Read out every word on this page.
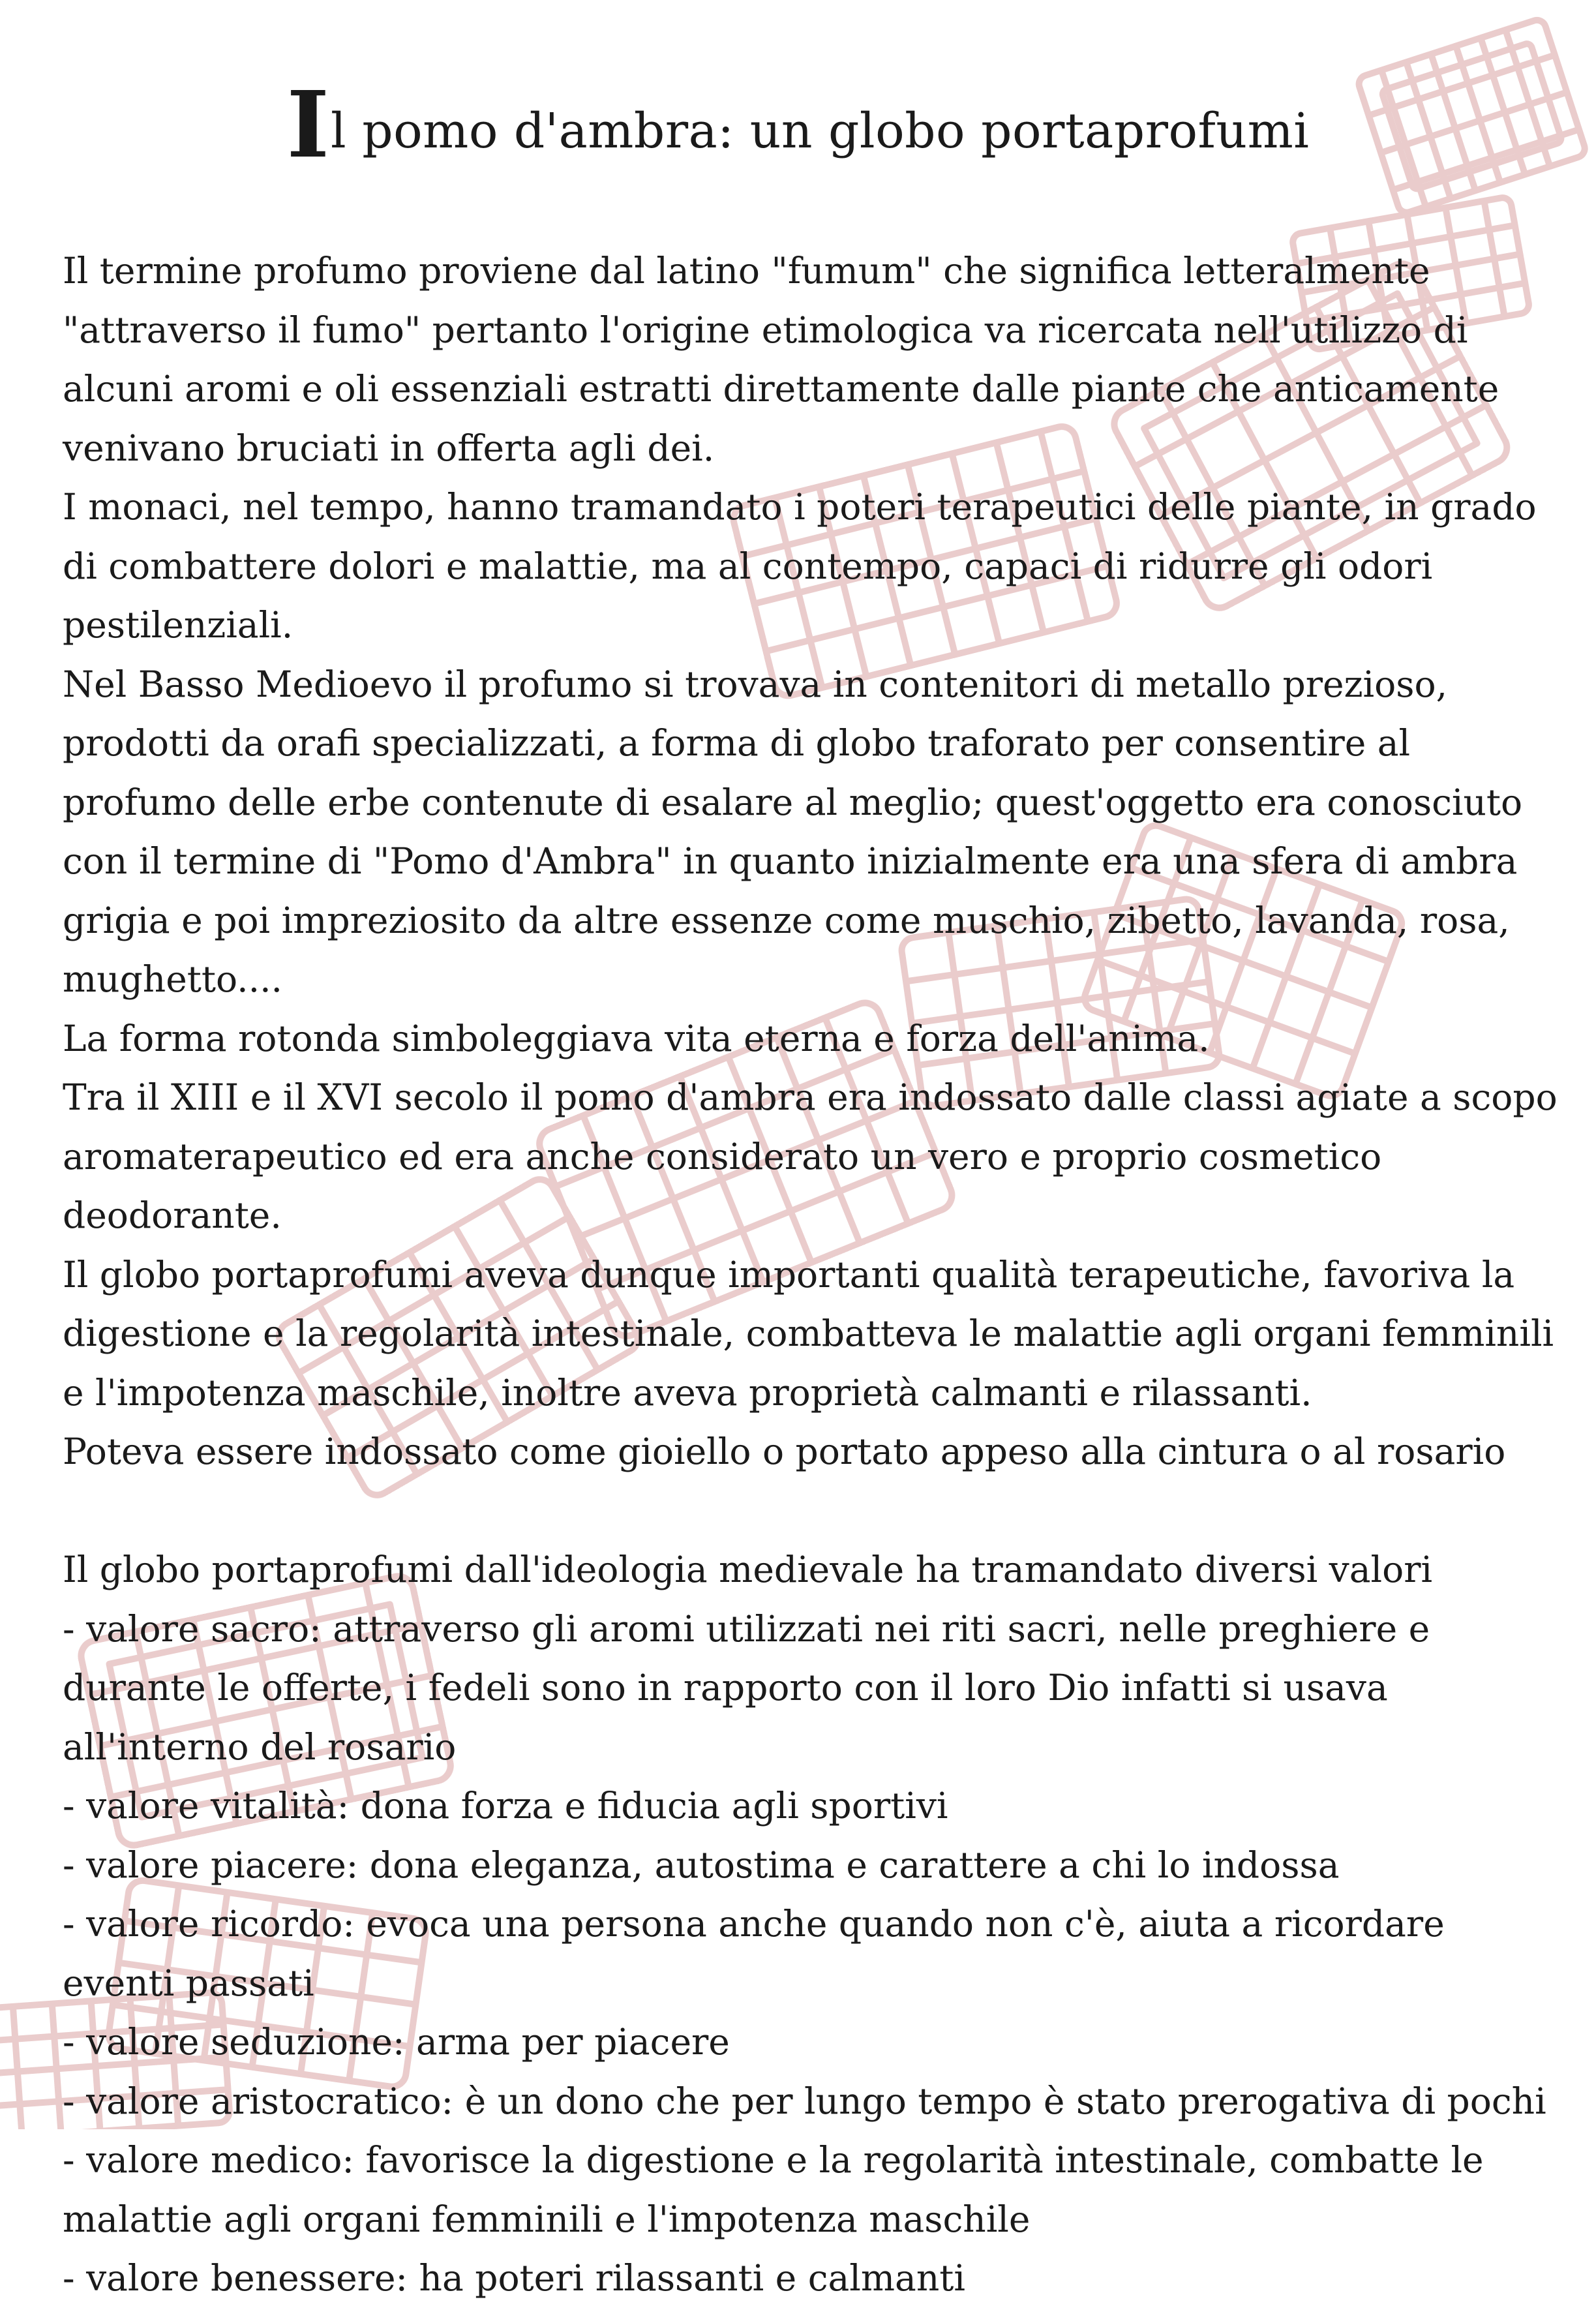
Il pomo d'ambra: un globo portaprofumi

Il termine profumo proviene dal latino "fumum" che significa letteralmente "attraverso il fumo" pertanto l'origine etimologica va ricercata nell'utilizzo di alcuni aromi e oli essenziali estratti direttamente dalle piante che anticamente venivano bruciati in offerta agli dei.

I monaci, nel tempo, hanno tramandato i poteri terapeutici delle piante, in grado di combattere dolori e malattie, ma al contempo, capaci di ridurre gli odori pestilenziali.

Nel Basso Medioevo il profumo si trovava in contenitori di metallo prezioso, prodotti da orafi specializzati, a forma di globo traforato per consentire al profumo delle erbe contenute di esalare al meglio; quest'oggetto era conosciuto con il termine di "Pomo d'Ambra" in quanto inizialmente era una sfera di ambra grigia e poi impreziosito da altre essenze come muschio, zibetto, lavanda, rosa, mughetto....

La forma rotonda simboleggiava vita eterna e forza dell'anima.

Tra il XIII e il XVI secolo il pomo d'ambra era indossato dalle classi agiate a scopo aromaterapeutico ed era anche considerato un vero e proprio cosmetico deodorante.

Il globo portaprofumi aveva dunque importanti qualità terapeutiche, favoriva la digestione e la regolarità intestinale, combatteva le malattie agli organi femminili e l'impotenza maschile, inoltre aveva proprietà calmanti e rilassanti.

Poteva essere indossato come gioiello o portato appeso alla cintura o al rosario

Il globo portaprofumi dall'ideologia medievale ha tramandato diversi valori

- valore sacro: attraverso gli aromi utilizzati nei riti sacri, nelle preghiere e durante le offerte, i fedeli sono in rapporto con il loro Dio infatti si usava all'interno del rosario
- valore vitalità: dona forza e fiducia agli sportivi
- valore piacere: dona eleganza, autostima e carattere a chi lo indossa
- valore ricordo: evoca una persona anche quando non c'è, aiuta a ricordare eventi passati
- valore seduzione: arma per piacere
- valore aristocratico: è un dono che per lungo tempo è stato prerogativa di pochi
- valore medico: favorisce la digestione e la regolarità intestinale, combatte le malattie agli organi femminili e l'impotenza maschile
- valore benessere: ha poteri rilassanti e calmanti
